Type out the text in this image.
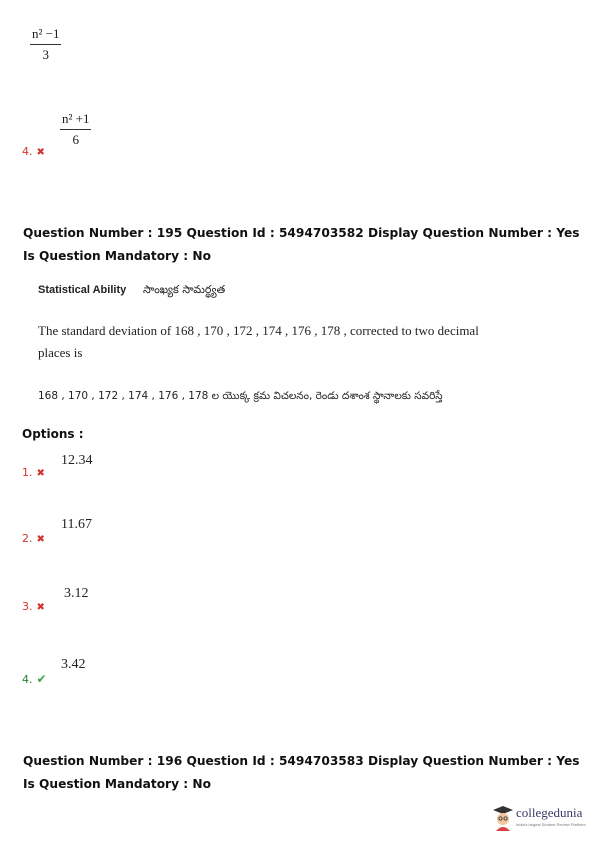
$\frac{\text{n² −1}}{3}$
$\frac{\text{n² +1}}{6}$
4. ✖
Question Number : 195 Question Id : 5494703582 Display Question Number : Yes Is Question Mandatory : No
Statistical Ability సాంఖ్యక సామర్థ్యత
The standard deviation of 168 , 170 , 172 , 174 , 176 , 178 , corrected to two decimal
places is
168 , 170 , 172 , 174 , 176 , 178 ల యొక్క క్రమ విచలనం, రెండు దశాంశ స్థానాలకు సవరిస్తే
Options :
12.34
1. ✖
11.67
2. ✖
3.12
3. ✖
3.42
4. ✔
Question Number : 196 Question Id : 5494703583 Display Question Number : Yes Is Question Mandatory : No
collegedunia
India's largest Student Review Platform
